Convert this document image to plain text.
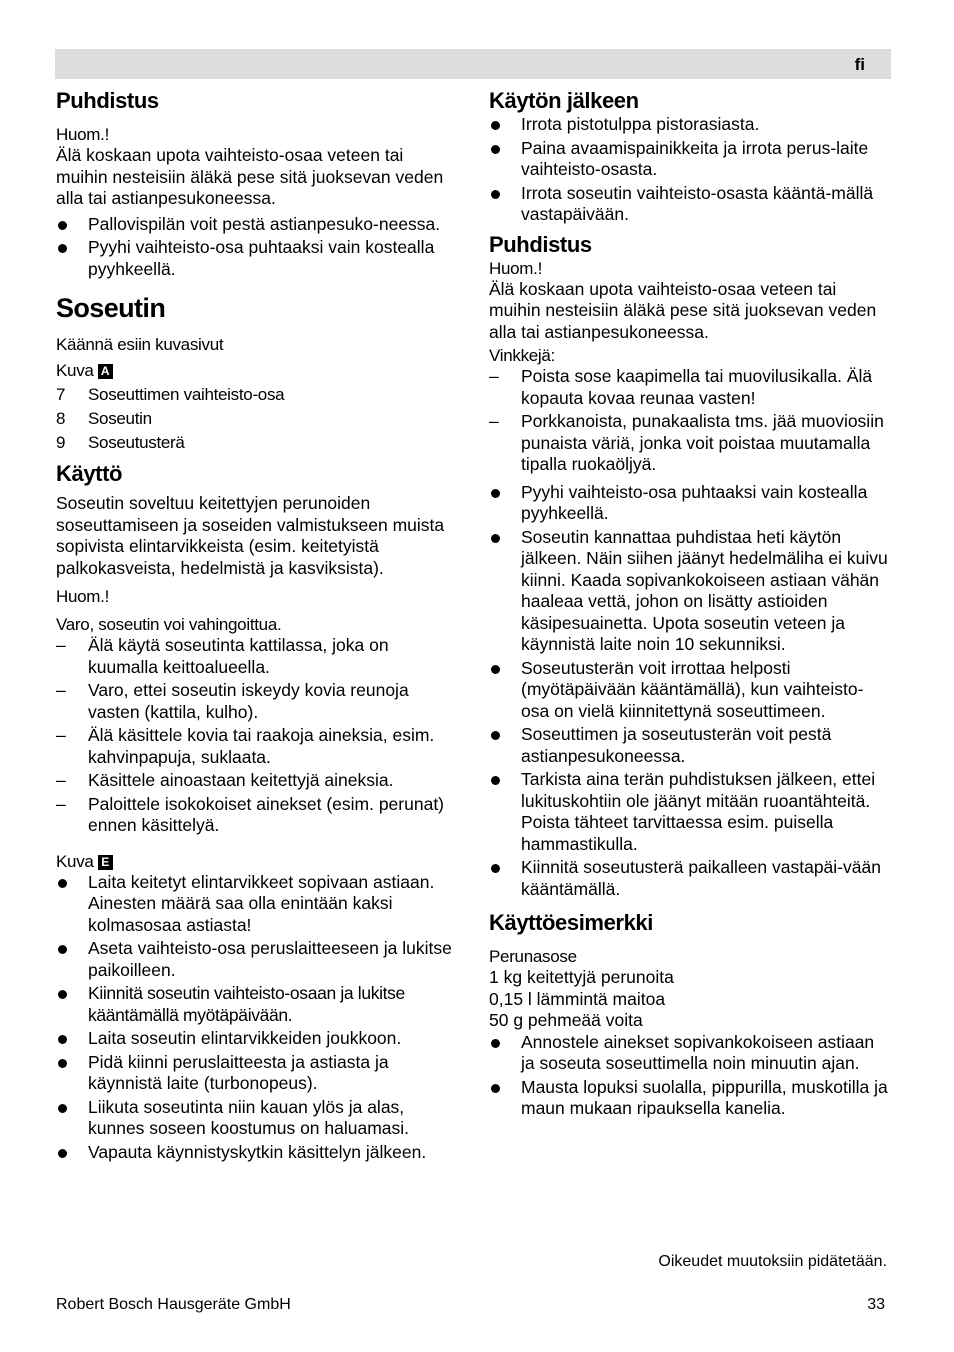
fi
Puhdistus
Huom.!
Älä koskaan upota vaihteisto-osaa veteen tai muihin nesteisiin äläkä pese sitä juoksevan veden alla tai astianpesukoneessa.
Pallovispilän voit pestä astianpesuko-neessa.
Pyyhi vaihteisto-osa puhtaaksi vain kostealla pyyhkeellä.
Soseutin
Käännä esiin kuvasivut
Kuva A
7	Soseuttimen vaihteisto-osa
8	Soseutin
9	Soseutusterä
Käyttö
Soseutin soveltuu keitettyjen perunoiden soseuttamiseen ja soseiden valmistukseen muista sopivista elintarvikkeista (esim. keitetyistä palkokasveista, hedelmistä ja kasviksista).
Huom.!
Varo, soseutin voi vahingoittua.
– Älä käytä soseutinta kattilassa, joka on kuumalla keittoalueella.
– Varo, ettei soseutin iskeydy kovia reunoja vasten (kattila, kulho).
– Älä käsittele kovia tai raakoja aineksia, esim. kahvinpapuja, suklaata.
– Käsittele ainoastaan keitettyjä aineksia.
– Paloittele isokokoiset ainekset (esim. perunat) ennen käsittelyä.
Kuva E
Laita keitetyt elintarvikkeet sopivaan astiaan. Ainesten määrä saa olla enintään kaksi kolmasosaa astiasta!
Aseta vaihteisto-osa peruslaitteeseen ja lukitse paikoilleen.
Kiinnitä soseutin vaihteisto-osaan ja lukitse kääntämällä myötäpäivään.
Laita soseutin elintarvikkeiden joukkoon.
Pidä kiinni peruslaitteesta ja astiasta ja käynnistä laite (turbonopeus).
Liikuta soseutinta niin kauan ylös ja alas, kunnes soseen koostumus on haluamasi.
Vapauta käynnistyskytkin käsittelyn jälkeen.
Käytön jälkeen
Irrota pistotulppa pistorasiasta.
Paina avaamispainikkeita ja irrota perus-laite vaihteisto-osasta.
Irrota soseutin vaihteisto-osasta kääntä-mällä vastapäivään.
Puhdistus
Huom.!
Älä koskaan upota vaihteisto-osaa veteen tai muihin nesteisiin äläkä pese sitä juoksevan veden alla tai astianpesukoneessa.
Vinkkejä:
– Poista sose kaapimella tai muovilusikalla. Älä kopauta kovaa reunaa vasten!
– Porkkanoista, punakaalista tms. jää muoviosiin punaista väriä, jonka voit poistaa muutamalla tipalla ruokaöljyä.
Pyyhi vaihteisto-osa puhtaaksi vain kostealla pyyhkeellä.
Soseutin kannattaa puhdistaa heti käytön jälkeen. Näin siihen jäänyt hedelmäliha ei kuivu kiinni. Kaada sopivankokoiseen astiaan vähän haaleaa vettä, johon on lisätty astioiden käsipesuainetta. Upota soseutin veteen ja käynnistä laite noin 10 sekunniksi.
Soseutusterän voit irrottaa helposti (myötäpäivään kääntämällä), kun vaihteisto-osa on vielä kiinnitettynä soseuttimeen.
Soseuttimen ja soseutusterän voit pestä astianpesukoneessa.
Tarkista aina terän puhdistuksen jälkeen, ettei lukituskohtiin ole jäänyt mitään ruoantähteitä. Poista tähteet tarvittaessa esim. puisella hammastikulla.
Kiinnitä soseutusterä paikalleen vastapäi-vään kääntämällä.
Käyttöesimerkki
Perunasose
1 kg keitettyjä perunoita
0,15 l lämmintä maitoa
50 g pehmeää voita
Annostele ainekset sopivankokoiseen astiaan ja soseuta soseuttimella noin minuutin ajan.
Mausta lopuksi suolalla, pippurilla, muskotilla ja maun mukaan ripauksella kanelia.
Oikeudet muutoksiin pidätetään.
Robert Bosch Hausgeräte GmbH	33
